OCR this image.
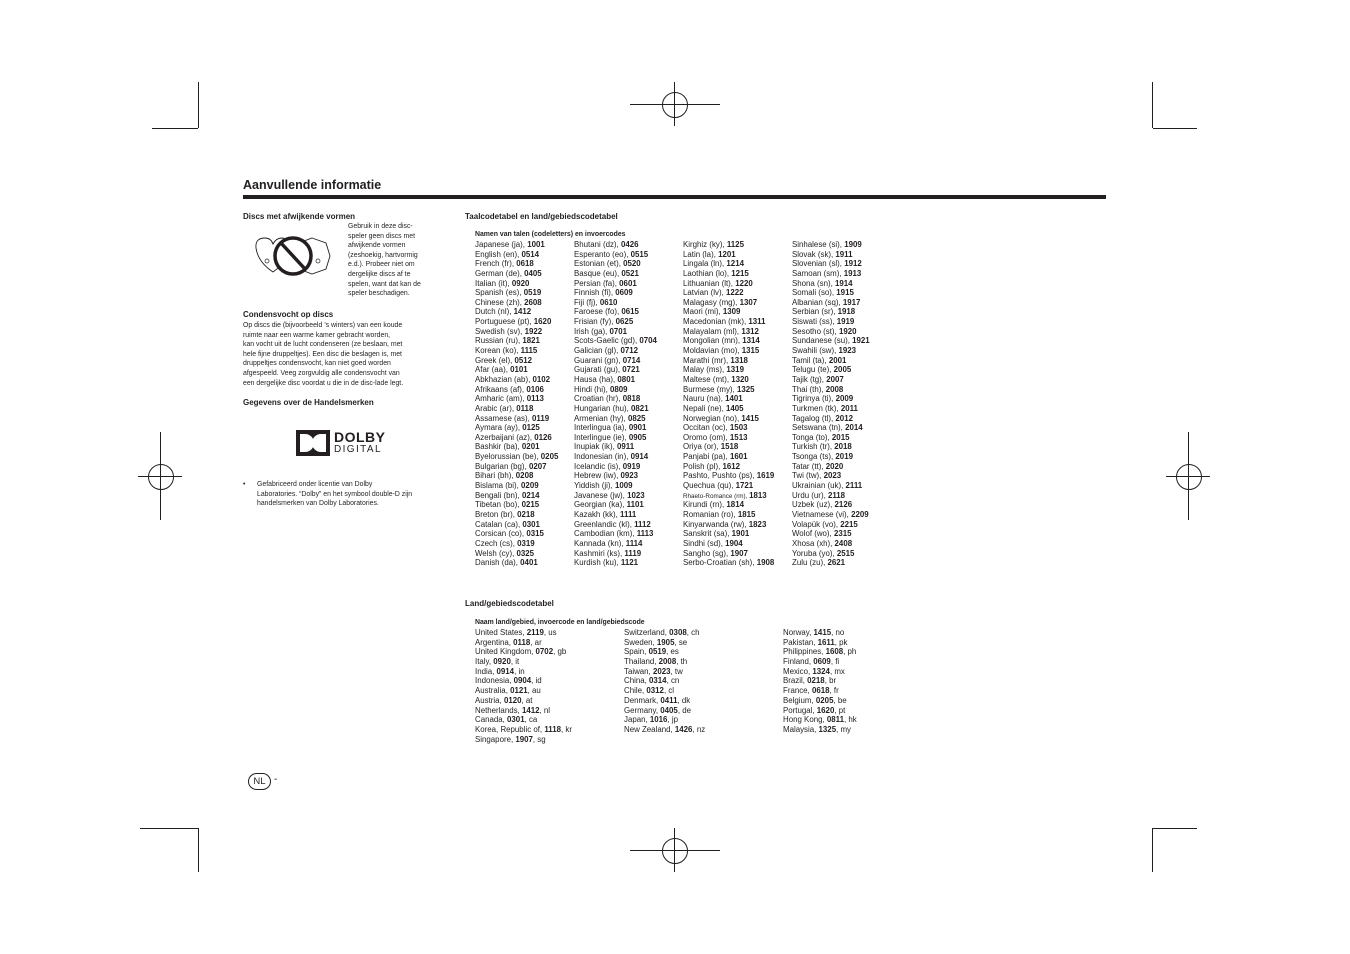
Aanvullende informatie
Discs met afwijkende vormen
Gebruik in deze disc-
speler geen discs met
afwijkende vormen
(zeshoekig, hartvormig
e.d.). Probeer niet om
dergelijke discs af te
spelen, want dat kan de
speler beschadigen.
Condensvocht op discs
Op discs die (bijvoorbeeld ’s winters) van een koude
ruimte naar een warme kamer gebracht worden,
kan vocht uit de lucht condenseren (ze beslaan, met
hele fijne druppeltjes). Een disc die beslagen is, met
druppeltjes condensvocht, kan niet goed worden
afgespeeld. Veeg zorgvuldig alle condensvocht van
een dergelijke disc voordat u die in de disc-lade legt.
Gegevens over de Handelsmerken
DOLBY
DIGITAL
• Gefabriceerd onder licentie van Dolby
Laboratories. “Dolby” en het symbool double-D zijn
handelsmerken van Dolby Laboratories.
Taalcodetabel en land/gebiedscodetabel
Namen van talen (codeletters) en invoercodes
Japanese (ja), 1001
English (en), 0514
French (fr), 0618
German (de), 0405
Italian (it), 0920
Spanish (es), 0519
Chinese (zh), 2608
Dutch (nl), 1412
Portuguese (pt), 1620
Swedish (sv), 1922
Russian (ru), 1821
Korean (ko), 1115
Greek (el), 0512
Afar (aa), 0101
Abkhazian (ab), 0102
Afrikaans (af), 0106
Amharic (am), 0113
Arabic (ar), 0118
Assamese (as), 0119
Aymara (ay), 0125
Azerbaijani (az), 0126
Bashkir (ba), 0201
Byelorussian (be), 0205
Bulgarian (bg), 0207
Bihari (bh), 0208
Bislama (bi), 0209
Bengali (bn), 0214
Tibetan (bo), 0215
Breton (br), 0218
Catalan (ca), 0301
Corsican (co), 0315
Czech (cs), 0319
Welsh (cy), 0325
Danish (da), 0401
Bhutani (dz), 0426
Esperanto (eo), 0515
Estonian (et), 0520
Basque (eu), 0521
Persian (fa), 0601
Finnish (fi), 0609
Fiji (fj), 0610
Faroese (fo), 0615
Frisian (fy), 0625
Irish (ga), 0701
Scots-Gaelic (gd), 0704
Galician (gl), 0712
Guarani (gn), 0714
Gujarati (gu), 0721
Hausa (ha), 0801
Hindi (hi), 0809
Croatian (hr), 0818
Hungarian (hu), 0821
Armenian (hy), 0825
Interlingua (ia), 0901
Interlingue (ie), 0905
Inupiak (ik), 0911
Indonesian (in), 0914
Icelandic (is), 0919
Hebrew (iw), 0923
Yiddish (ji), 1009
Javanese (jw), 1023
Georgian (ka), 1101
Kazakh (kk), 1111
Greenlandic (kl), 1112
Cambodian (km), 1113
Kannada (kn), 1114
Kashmiri (ks), 1119
Kurdish (ku), 1121
Kirghiz (ky), 1125
Latin (la), 1201
Lingala (ln), 1214
Laothian (lo), 1215
Lithuanian (lt), 1220
Latvian (lv), 1222
Malagasy (mg), 1307
Maori (mi), 1309
Macedonian (mk), 1311
Malayalam (ml), 1312
Mongolian (mn), 1314
Moldavian (mo), 1315
Marathi (mr), 1318
Malay (ms), 1319
Maltese (mt), 1320
Burmese (my), 1325
Nauru (na), 1401
Nepali (ne), 1405
Norwegian (no), 1415
Occitan (oc), 1503
Oromo (om), 1513
Oriya (or), 1518
Panjabi (pa), 1601
Polish (pl), 1612
Pashto, Pushto (ps), 1619
Quechua (qu), 1721
Rhaeto-Romance (rm), 1813
Kirundi (rn), 1814
Romanian (ro), 1815
Kinyarwanda (rw), 1823
Sanskrit (sa), 1901
Sindhi (sd), 1904
Sangho (sg), 1907
Serbo-Croatian (sh), 1908
Sinhalese (si), 1909
Slovak (sk), 1911
Slovenian (sl), 1912
Samoan (sm), 1913
Shona (sn), 1914
Somali (so), 1915
Albanian (sq), 1917
Serbian (sr), 1918
Siswati (ss), 1919
Sesotho (st), 1920
Sundanese (su), 1921
Swahili (sw), 1923
Tamil (ta), 2001
Telugu (te), 2005
Tajik (tg), 2007
Thai (th), 2008
Tigrinya (ti), 2009
Turkmen (tk), 2011
Tagalog (tl), 2012
Setswana (tn), 2014
Tonga (to), 2015
Turkish (tr), 2018
Tsonga (ts), 2019
Tatar (tt), 2020
Twi (tw), 2023
Ukrainian (uk), 2111
Urdu (ur), 2118
Uzbek (uz), 2126
Vietnamese (vi), 2209
Volapük (vo), 2215
Wolof (wo), 2315
Xhosa (xh), 2408
Yoruba (yo), 2515
Zulu (zu), 2621
Land/gebiedscodetabel
Naam land/gebied, invoercode en land/gebiedscode
United States, 2119, us
Argentina, 0118, ar
United Kingdom, 0702, gb
Italy, 0920, it
India, 0914, in
Indonesia, 0904, id
Australia, 0121, au
Austria, 0120, at
Netherlands, 1412, nl
Canada, 0301, ca
Korea, Republic of, 1118, kr
Singapore, 1907, sg
Switzerland, 0308, ch
Sweden, 1905, se
Spain, 0519, es
Thailand, 2008, th
Taiwan, 2023, tw
China, 0314, cn
Chile, 0312, cl
Denmark, 0411, dk
Germany, 0405, de
Japan, 1016, jp
New Zealand, 1426, nz
Norway, 1415, no
Pakistan, 1611, pk
Philippines, 1608, ph
Finland, 0609, fi
Mexico, 1324, mx
Brazil, 0218, br
France, 0618, fr
Belgium, 0205, be
Portugal, 1620, pt
Hong Kong, 0811, hk
Malaysia, 1325, my
NL -
